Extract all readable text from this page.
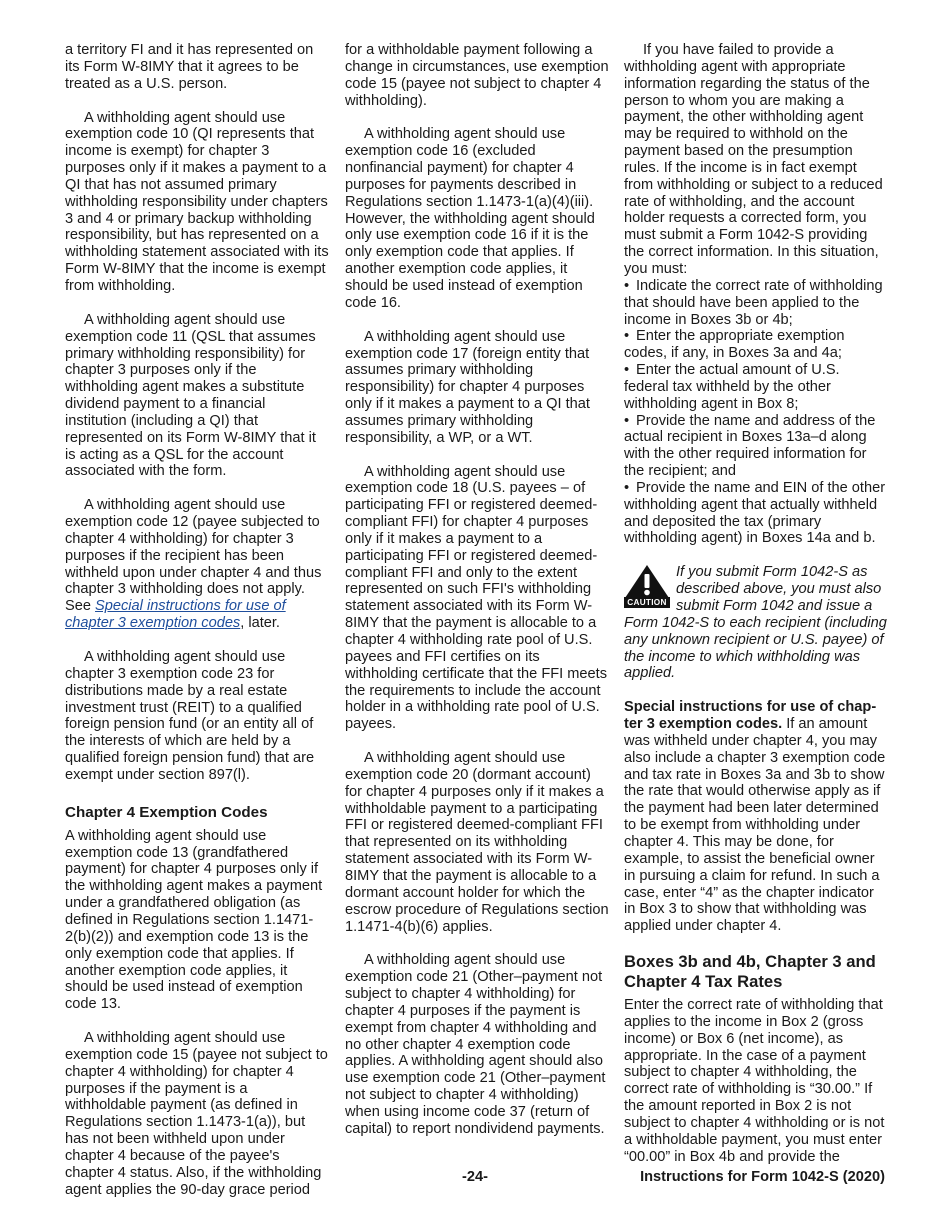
a territory FI and it has represented on its Form W-8IMY that it agrees to be treated as a U.S. person.

A withholding agent should use exemption code 10 (QI represents that income is exempt) for chapter 3 purposes only if it makes a payment to a QI that has not assumed primary withholding responsibility under chapters 3 and 4 or primary backup withholding responsibility, but has represented on a withholding statement associated with its Form W-8IMY that the income is exempt from withholding.

A withholding agent should use exemption code 11 (QSL that assumes primary withholding responsibility) for chapter 3 purposes only if the withholding agent makes a substitute dividend payment to a financial institution (including a QI) that represented on its Form W-8IMY that it is acting as a QSL for the account associated with the form.

A withholding agent should use exemption code 12 (payee subjected to chapter 4 withholding) for chapter 3 purposes if the recipient has been withheld upon under chapter 4 and thus chapter 3 withholding does not apply. See Special instructions for use of chapter 3 exemption codes, later.

A withholding agent should use chapter 3 exemption code 23 for distributions made by a real estate investment trust (REIT) to a qualified foreign pension fund (or an entity all of the interests of which are held by a qualified foreign pension fund) that are exempt under section 897(l).

Chapter 4 Exemption Codes

A withholding agent should use exemption code 13 (grandfathered payment) for chapter 4 purposes only if the withholding agent makes a payment under a grandfathered obligation (as defined in Regulations section 1.1471-2(b)(2)) and exemption code 13 is the only exemption code that applies. If another exemption code applies, it should be used instead of exemption code 13.

A withholding agent should use exemption code 15 (payee not subject to chapter 4 withholding) for chapter 4 purposes if the payment is a withholdable payment (as defined in Regulations section 1.1473-1(a)), but has not been withheld upon under chapter 4 because of the payee's chapter 4 status. Also, if the withholding agent applies the 90-day grace period

for a withholdable payment following a change in circumstances, use exemption code 15 (payee not subject to chapter 4 withholding).

A withholding agent should use exemption code 16 (excluded nonfinancial payment) for chapter 4 purposes for payments described in Regulations section 1.1473-1(a)(4)(iii). However, the withholding agent should only use exemption code 16 if it is the only exemption code that applies. If another exemption code applies, it should be used instead of exemption code 16.

A withholding agent should use exemption code 17 (foreign entity that assumes primary withholding responsibility) for chapter 4 purposes only if it makes a payment to a QI that assumes primary withholding responsibility, a WP, or a WT.

A withholding agent should use exemption code 18 (U.S. payees – of participating FFI or registered deemed-compliant FFI) for chapter 4 purposes only if it makes a payment to a participating FFI or registered deemed-compliant FFI and only to the extent represented on such FFI's withholding statement associated with its Form W-8IMY that the payment is allocable to a chapter 4 withholding rate pool of U.S. payees and FFI certifies on its withholding certificate that the FFI meets the requirements to include the account holder in a withholding rate pool of U.S. payees.

A withholding agent should use exemption code 20 (dormant account) for chapter 4 purposes only if it makes a withholdable payment to a participating FFI or registered deemed-compliant FFI that represented on its withholding statement associated with its Form W-8IMY that the payment is allocable to a dormant account holder for which the escrow procedure of Regulations section 1.1471-4(b)(6) applies.

A withholding agent should use exemption code 21 (Other–payment not subject to chapter 4 withholding) for chapter 4 purposes if the payment is exempt from chapter 4 withholding and no other chapter 4 exemption code applies. A withholding agent should also use exemption code 21 (Other–payment not subject to chapter 4 withholding) when using income code 37 (return of capital) to report nondividend payments.

If you have failed to provide a withholding agent with appropriate information regarding the status of the person to whom you are making a payment, the other withholding agent may be required to withhold on the payment based on the presumption rules. If the income is in fact exempt from withholding or subject to a reduced rate of withholding, and the account holder requests a corrected form, you must submit a Form 1042-S providing the correct information. In this situation, you must:

• Indicate the correct rate of withholding that should have been applied to the income in Boxes 3b or 4b;
• Enter the appropriate exemption codes, if any, in Boxes 3a and 4a;
• Enter the actual amount of U.S. federal tax withheld by the other withholding agent in Box 8;
• Provide the name and address of the actual recipient in Boxes 13a–d along with the other required information for the recipient; and
• Provide the name and EIN of the other withholding agent that actually withheld and deposited the tax (primary withholding agent) in Boxes 14a and b.
CAUTION
If you submit Form 1042-S as described above, you must also submit Form 1042 and issue a Form 1042-S to each recipient (including any unknown recipient or U.S. payee) of the income to which withholding was applied.

Special instructions for use of chapter 3 exemption codes. If an amount was withheld under chapter 4, you may also include a chapter 3 exemption code and tax rate in Boxes 3a and 3b to show the rate that would otherwise apply as if the payment had been later determined to be exempt from withholding under chapter 4. This may be done, for example, to assist the beneficial owner in pursuing a claim for refund. In such a case, enter “4” as the chapter indicator in Box 3 to show that withholding was applied under chapter 4.

Boxes 3b and 4b, Chapter 3 and Chapter 4 Tax Rates

Enter the correct rate of withholding that applies to the income in Box 2 (gross income) or Box 6 (net income), as appropriate. In the case of a payment subject to chapter 4 withholding, the correct rate of withholding is “30.00.” If the amount reported in Box 2 is not subject to chapter 4 withholding or is not a withholdable payment, you must enter “00.00” in Box 4b and provide the

-24-	Instructions for Form 1042-S (2020)
